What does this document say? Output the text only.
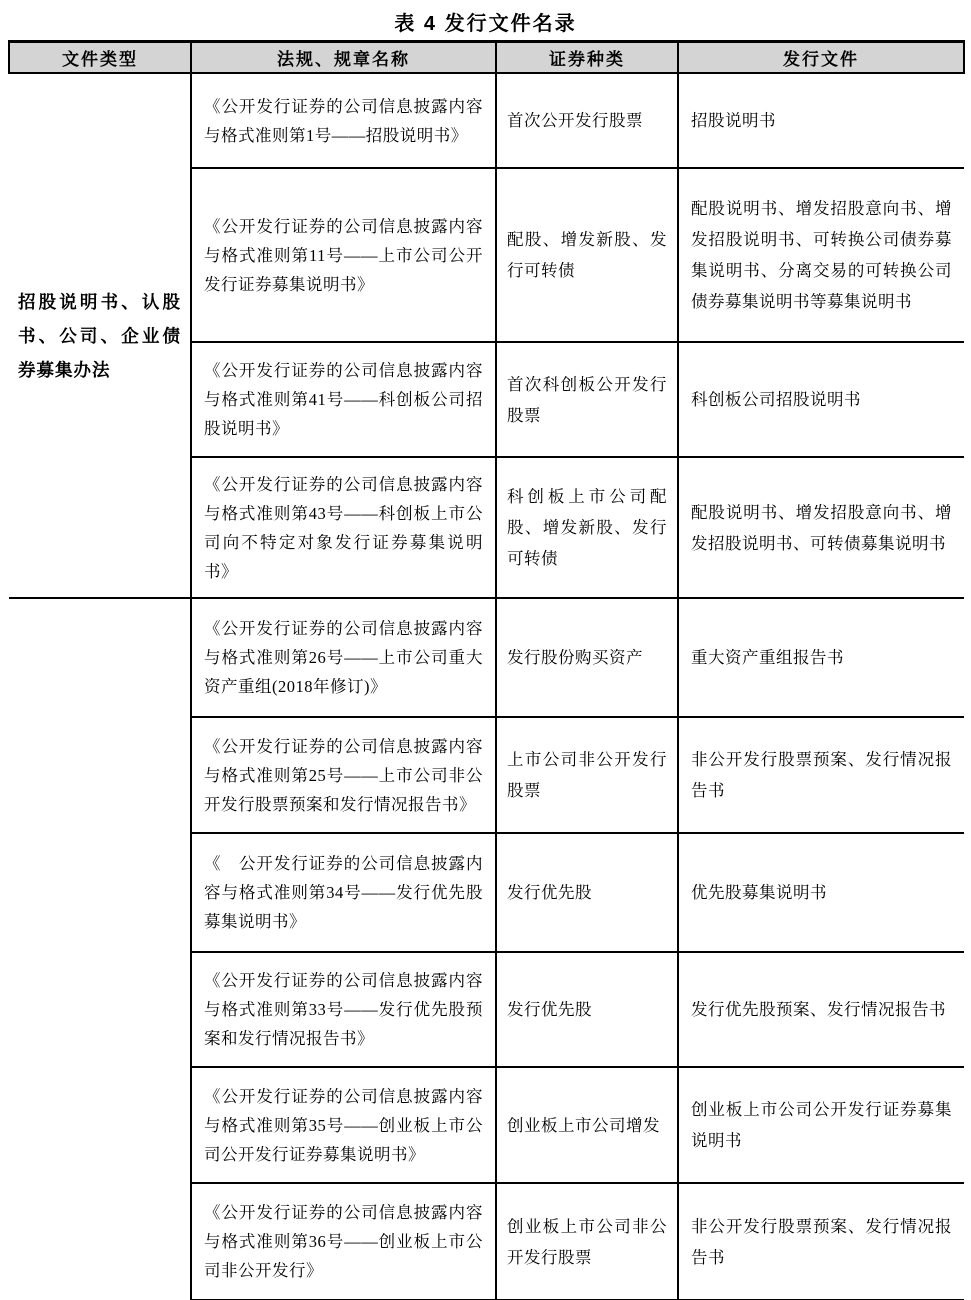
表 4 发行文件名录
文件类型	法规、规章名称	证券种类	发行文件

招股说明书、认股书、公司、企业债券募集办法	《公开发行证券的公司信息披露内容与格式准则第1号——招股说明书》	首次公开发行股票	招股说明书

	《公开发行证券的公司信息披露内容与格式准则第11号——上市公司公开发行证券募集说明书》	配股、增发新股、发行可转债	配股说明书、增发招股意向书、增发招股说明书、可转换公司债券募集说明书、分离交易的可转换公司债券募集说明书等募集说明书

	《公开发行证券的公司信息披露内容与格式准则第41号——科创板公司招股说明书》	首次科创板公开发行股票	科创板公司招股说明书

	《公开发行证券的公司信息披露内容与格式准则第43号——科创板上市公司向不特定对象发行证券募集说明书》	科创板上市公司配股、增发新股、发行可转债	配股说明书、增发招股意向书、增发招股说明书、可转债募集说明书

	《公开发行证券的公司信息披露内容与格式准则第26号——上市公司重大资产重组(2018年修订)》	发行股份购买资产	重大资产重组报告书

	《公开发行证券的公司信息披露内容与格式准则第25号——上市公司非公开发行股票预案和发行情况报告书》	上市公司非公开发行股票	非公开发行股票预案、发行情况报告书

	《　公开发行证券的公司信息披露内容与格式准则第34号——发行优先股募集说明书》	发行优先股	优先股募集说明书

	《公开发行证券的公司信息披露内容与格式准则第33号——发行优先股预案和发行情况报告书》	发行优先股	发行优先股预案、发行情况报告书

	《公开发行证券的公司信息披露内容与格式准则第35号——创业板上市公司公开发行证券募集说明书》	创业板上市公司增发	创业板上市公司公开发行证券募集说明书

	《公开发行证券的公司信息披露内容与格式准则第36号——创业板上市公司非公开发行》	创业板上市公司非公开发行股票	非公开发行股票预案、发行情况报告书
